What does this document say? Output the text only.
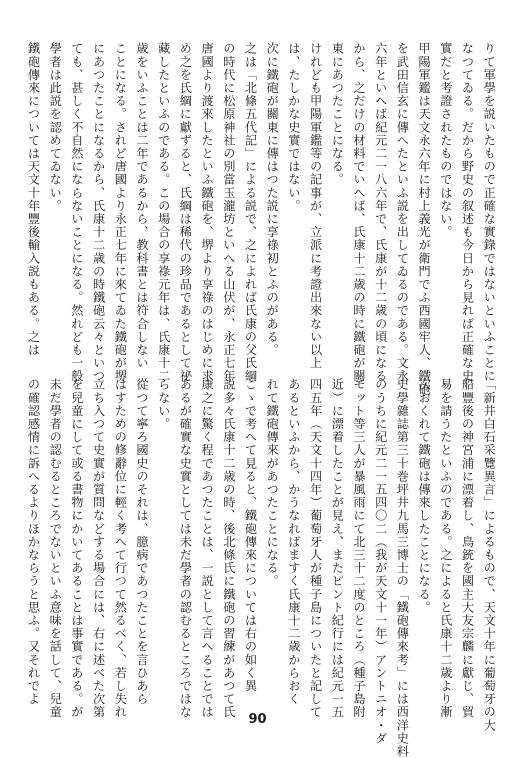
りて軍學を説いたもので正確な實錄ではないといふことに
なつてゐる。だから野史の叙述も今日から見れば正確な史
實だと考證されたものではない。
甲陽軍鑑は天文永六年に村上義光が衛門でふ西國牢人、鐵砲
を武田信玄に傳へたといふ説を出してゐるのである。文永
六年といへば紀元二一八六年で、氏康が十二歳の頃になる
から、之だけの材料でいへば、氏康十二歳の時に鐵砲が關
東にあつたことになる。
けれども甲陽軍鑑等の記事が、立派に考證出來ない以上
は、たしかな史實ではない。
次に鐵砲が關東に傳はつた説に享祿初とふのがある。
之は「北條五代記」による説で、之によれば氏康の父氏綱
の時代に松原神社の別當玉瀧坊といへる山伏が、永正七年
唐國より渡來したといふ鐵砲を、堺より享祿のはじめに求
め之を氏綱に獻ずると、氏綱は稀代の珍品であるとして祕
藏したといふのである。この場合の享祿元年は、氏康十二
歳をいふことは二年であるから、教科書とは符合しない
ことになる。されど唐國より永正七年に來てゐた鐵砲が堺
にあつたことになるから、氏康十二歳の時鐵砲云々といつ
ても、甚しく不自然にならないことになる。然れども一般
學者は此説を認めてゐない。
鐵砲傳來については天文十年豐後輸入説もある。之は
「新井白石采覽異言」によるもので、天文十年に葡萄牙の大
船豐後の神宮浦に漂着し、鳥銃を國主大友宗麟に獻じ、貿
易を請うたといふのである。之によると氏康十二歳より漸
次おくれて鐵砲は傳來したことになる。
史學雜誌第三十巻坪井九馬三博士の「鐵砲傳來考」には西洋史料
のうちに紀元二一五四〇二（我が天文十一年）アントニオ・ダ
モット等三人が暴風雨にて北三十二度のところ（種子島附
近）に漂着したことが見え、またピント紀行には紀元一五
四五年（天文十四年）葡萄牙人が種子島についたと記して
あるといふから、かうなればますく氏康十二歳からおく
れて鐵砲傳來があつたことになる。
こゝで考へて見ると、鐵砲傳來については右の如く異
説多々氏康十二歳の時、後北條氏に鐵砲の習練があつて氏
康之に驚く程であつたことは、一説として言へることでは
あるが確實な史實としては未だ學者の認むるところではな
らない。
從つて寧ろ國史のそれは、臆病であつたことを言ひあら
はすための修辭位に輕く考へて行つて然るべく、若し失れ
立ち入つて史實が質問などする場合には、右に述べた次第
を兒童にして或る書物にかいてあることは事實である。が
未だ學者の認むるところでないといふ意味を話して、兒童
の確認感情に訴へるよりほかならうと思ふ。又それでよ
90
